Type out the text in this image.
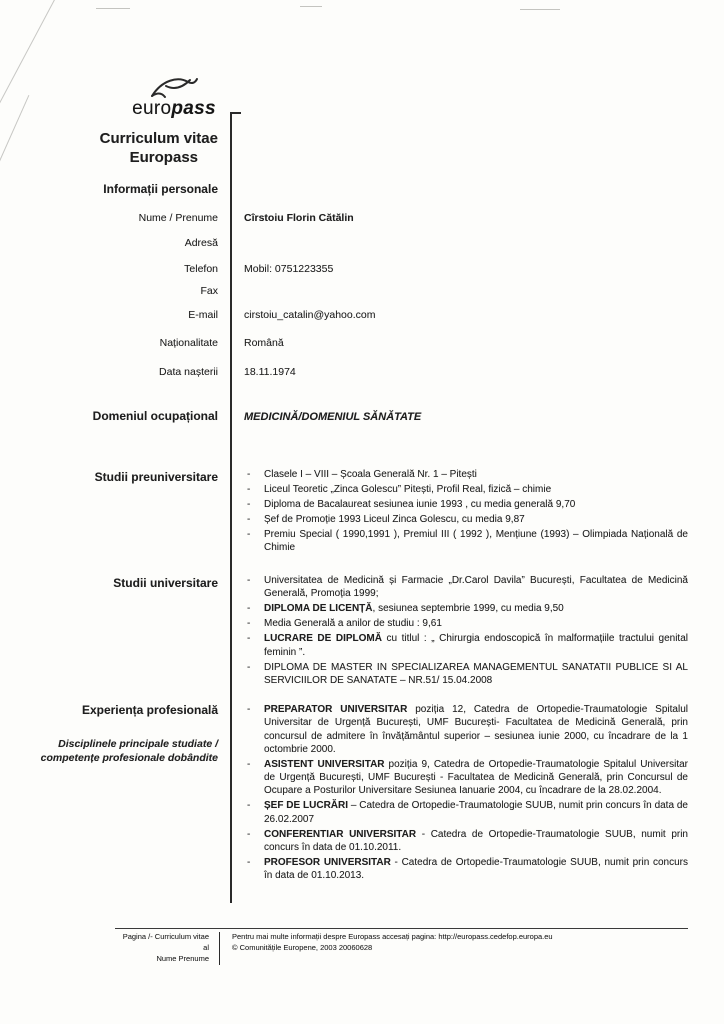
europass
Curriculum vitae
Europass
Informații personale
Nume / Prenume	Cîrstoiu Florin Cătălin
Adresă
Telefon	Mobil: 0751223355
Fax
E-mail	cirstoiu_catalin@yahoo.com
Naționalitate	Română
Data nașterii	18.11.1974
Domeniul ocupațional	MEDICINĂ/DOMENIUL SĂNĂTATE
Studii preuniversitare	- Clasele I – VIII – Școala Generală Nr. 1 – Pitești
- Liceul Teoretic „Zinca Golescu” Pitești, Profil Real, fizică – chimie
- Diploma de Bacalaureat sesiunea iunie 1993 , cu media generală 9,70
- Șef de Promoție 1993 Liceul Zinca Golescu, cu media 9,87
- Premiu Special ( 1990,1991 ), Premiul III ( 1992 ), Mențiune (1993) – Olimpiada Națională de Chimie
Studii universitare	- Universitatea de Medicină și Farmacie „Dr.Carol Davila” București, Facultatea de Medicină Generală, Promoția 1999;
- DIPLOMA DE LICENȚĂ, sesiunea septembrie 1999, cu media 9,50
- Media Generală a anilor de studiu : 9,61
- LUCRARE DE DIPLOMĂ cu titlul : „ Chirurgia endoscopică în malformațiile tractului genital feminin ”.
- DIPLOMA DE MASTER IN SPECIALIZAREA MANAGEMENTUL SANATATII PUBLICE SI AL SERVICIILOR DE SANATATE – NR.51/ 15.04.2008
Experiența profesională
Disciplinele principale studiate / competențe profesionale dobândite
- PREPARATOR UNIVERSITAR poziția 12, Catedra de Ortopedie-Traumatologie Spitalul Universitar de Urgență București, UMF București- Facultatea de Medicină Generală, prin concursul de admitere în învățământul superior – sesiunea iunie 2000, cu încadrare de la 1 octombrie 2000.
- ASISTENT UNIVERSITAR poziția 9, Catedra de Ortopedie-Traumatologie Spitalul Universitar de Urgență București, UMF București - Facultatea de Medicină Generală, prin Concursul de Ocupare a Posturilor Universitare Sesiunea Ianuarie 2004, cu încadrare de la 28.02.2004.
- ȘEF DE LUCRĂRI – Catedra de Ortopedie-Traumatologie SUUB, numit prin concurs în data de 26.02.2007
- CONFERENTIAR UNIVERSITAR - Catedra de Ortopedie-Traumatologie SUUB, numit prin concurs în data de 01.10.2011.
- PROFESOR UNIVERSITAR - Catedra de Ortopedie-Traumatologie SUUB, numit prin concurs în data de 01.10.2013.
Pagina /- Curriculum vitae al
Nume Prenume
Pentru mai multe informații despre Europass accesați pagina: http://europass.cedefop.europa.eu
© Comunitățile Europene, 2003 20060628
